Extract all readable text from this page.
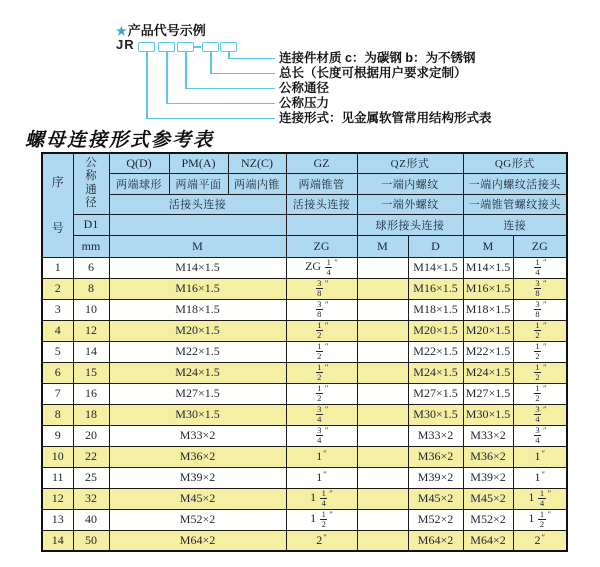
★产品代号示例
JR
连接件材质 c：为碳钢 b：为不锈钢
总长（长度可根据用户要求定制）
公称通径
公称压力
连接形式：见金属软管常用结构形式表
螺母连接形式参考表
序号	公称通径	Q(D)	PM(A)	NZ(C)	GZ	QZ形式		QG形式	
		两端球形	两端平面	两端内锥	两端锥管	一端内螺纹		一端内螺纹活接头	
		活接头连接			活接头连接	一端外螺纹		一端锥管螺纹接头	
	D1					球形接头连接		连接	
	mm	M			ZG	M	D	M	ZG
1	6	M14×1.5			ZG $\frac{1}{4} ''$		M14×1.5	M14×1.5	$\frac{1}{4} ''$
2	8	M16×1.5			$\frac{3}{8} ''$		M16×1.5	M16×1.5	$\frac{3}{8} ''$
3	10	M18×1.5			$\frac{3}{8} ''$		M18×1.5	M18×1.5	$\frac{3}{8} ''$
4	12	M20×1.5			$\frac{1}{2} ''$		M20×1.5	M20×1.5	$\frac{1}{2} ''$
5	14	M22×1.5			$\frac{1}{2} ''$		M22×1.5	M22×1.5	$\frac{1}{2} ''$
6	15	M24×1.5			$\frac{1}{2} ''$		M24×1.5	M24×1.5	$\frac{1}{2} ''$
7	16	M27×1.5			$\frac{1}{2} ''$		M27×1.5	M27×1.5	$\frac{1}{2} ''$
8	18	M30×1.5			$\frac{3}{4} ''$		M30×1.5	M30×1.5	$\frac{3}{4} ''$
9	20	M33×2			$\frac{3}{4} ''$		M33×2	M33×2	$\frac{3}{4} ''$
10	22	M36×2			1″		M36×2	M36×2	1″
11	25	M39×2			1″		M39×2	M39×2	1″
12	32	M45×2			$1 \frac{1}{4} ''$		M45×2	M45×2	$1 \frac{1}{4} ''$
13	40	M52×2			$1 \frac{1}{2} ''$		M52×2	M52×2	$1 \frac{1}{2} ''$
14	50	M64×2			2″		M64×2	M64×2	2″
